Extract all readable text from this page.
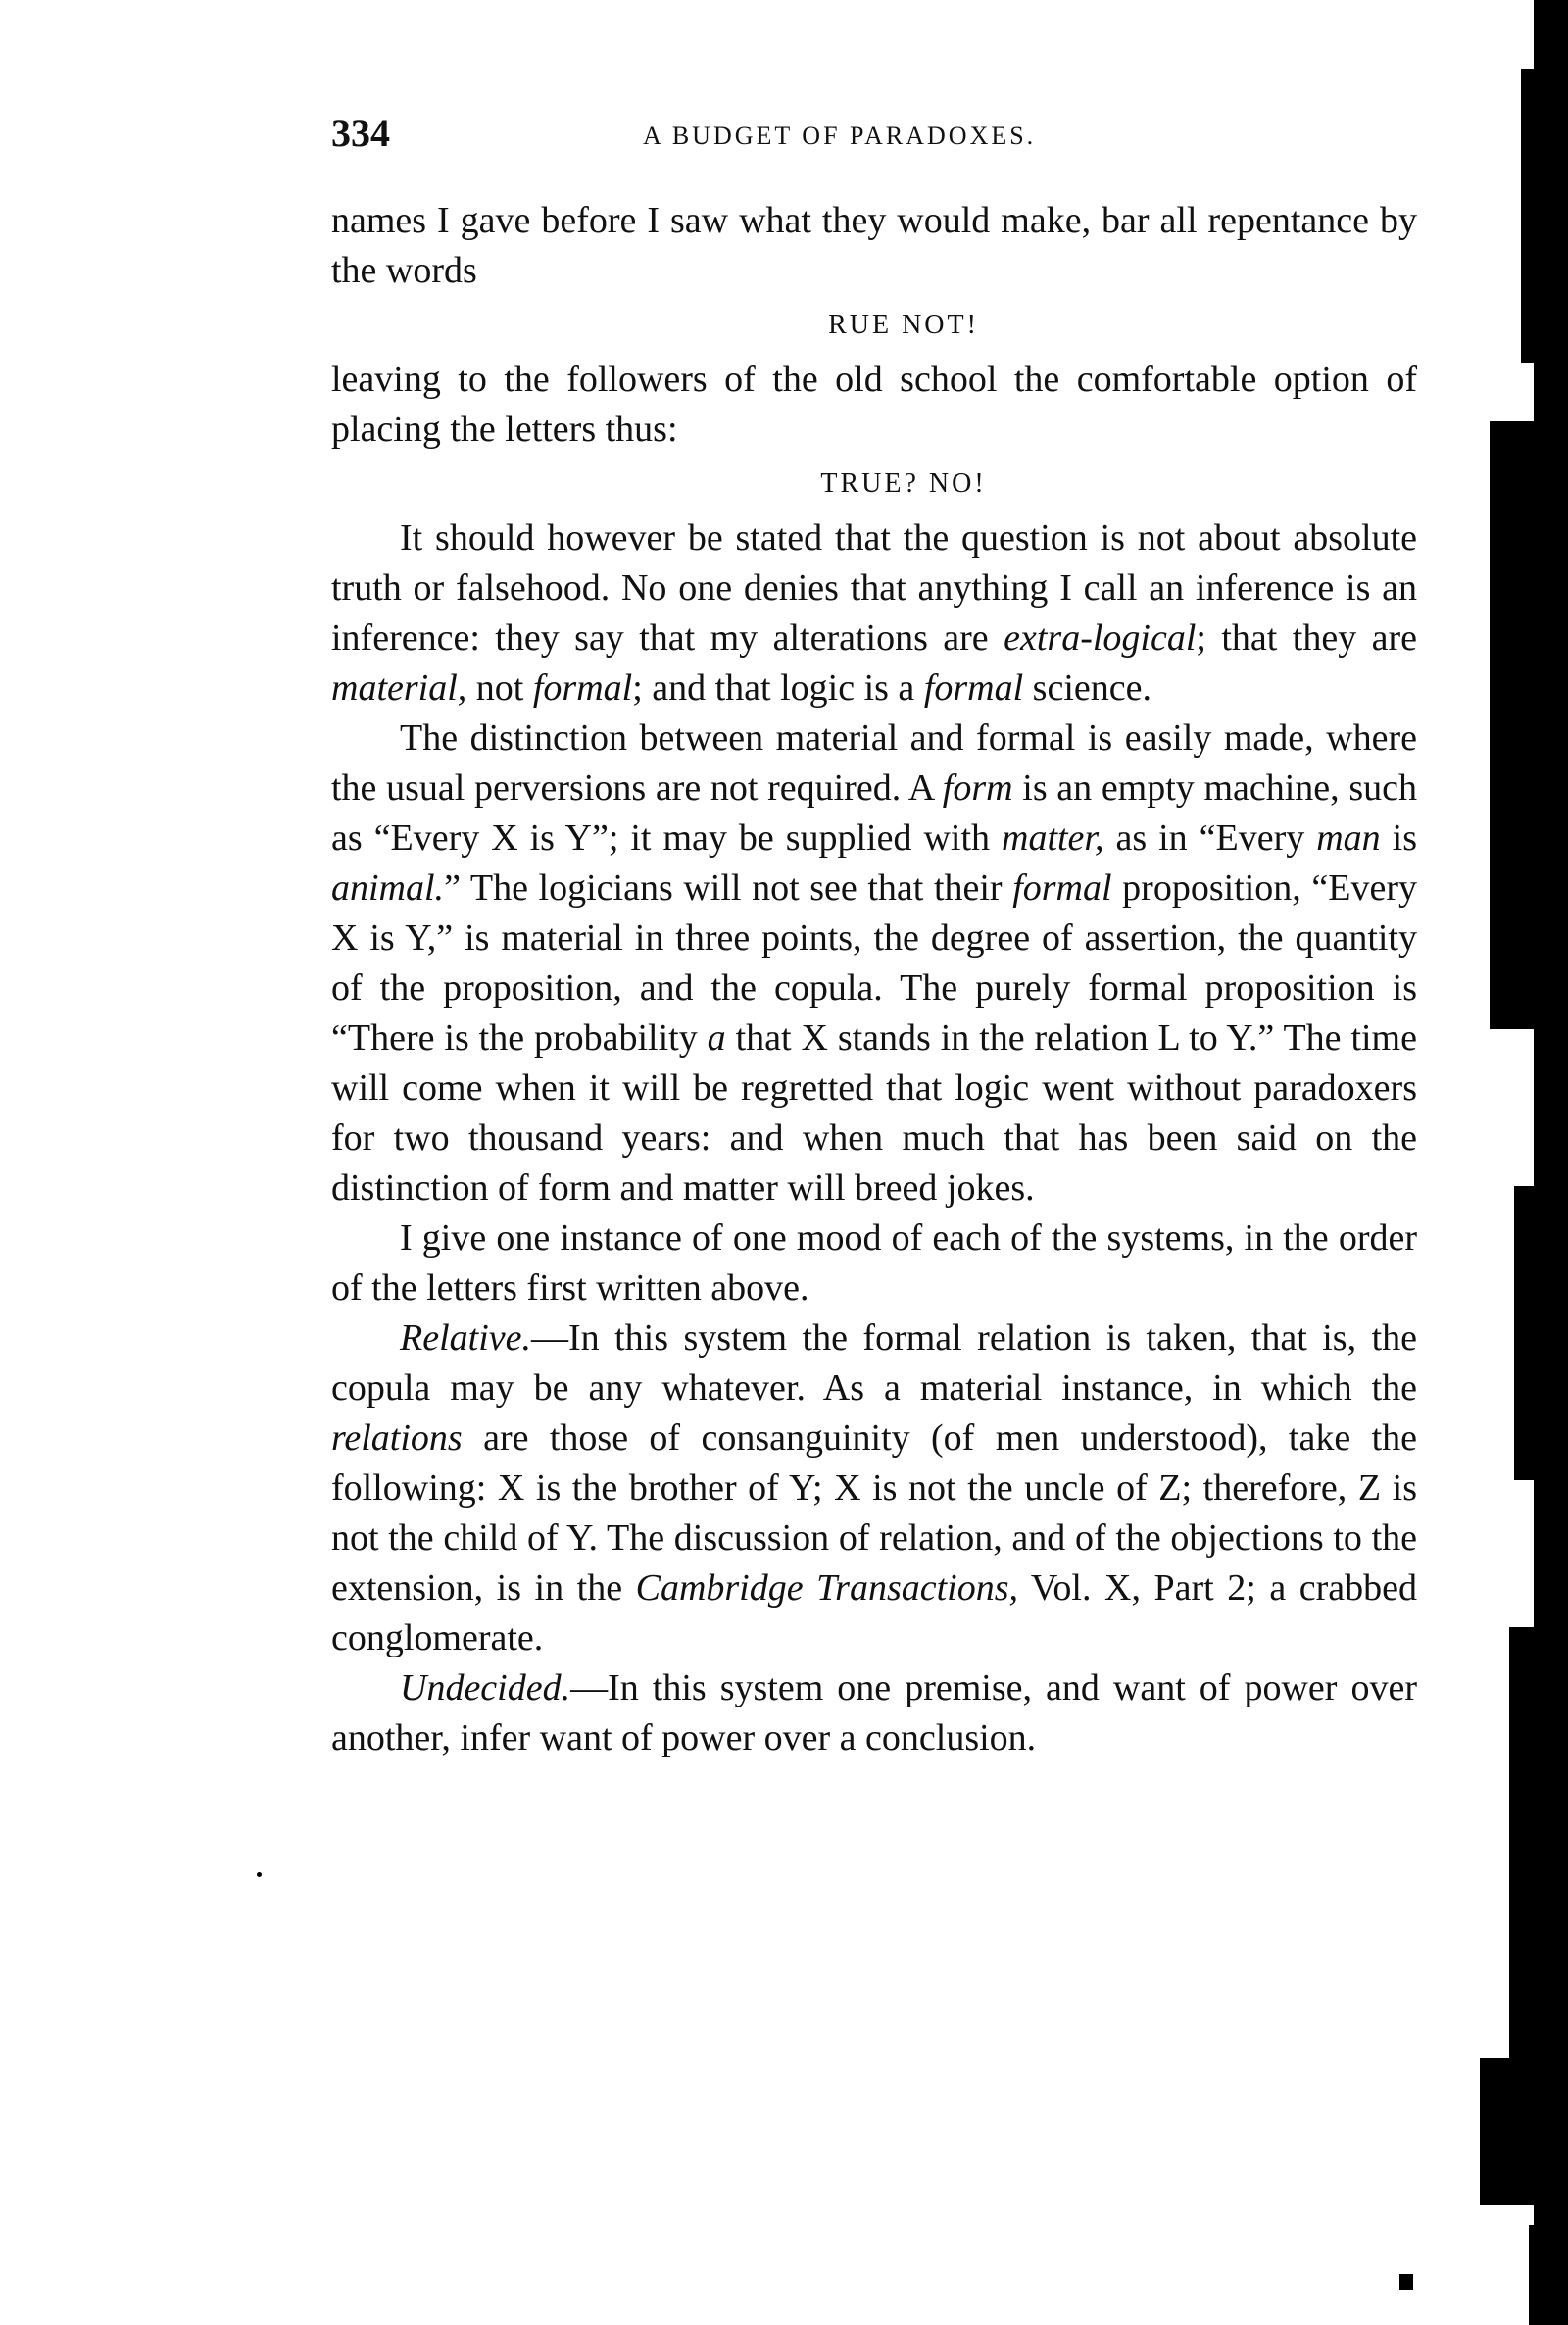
334	A BUDGET OF PARADOXES.

names I gave before I saw what they would make, bar all repentance by the words

RUE NOT!

leaving to the followers of the old school the comfortable option of placing the letters thus:

TRUE? NO!

It should however be stated that the question is not about absolute truth or falsehood. No one denies that anything I call an inference is an inference: they say that my alterations are extra-logical; that they are material, not formal; and that logic is a formal science.

The distinction between material and formal is easily made, where the usual perversions are not required. A form is an empty machine, such as “Every X is Y”; it may be supplied with matter, as in “Every man is animal.” The logicians will not see that their formal proposition, “Every X is Y,” is material in three points, the degree of assertion, the quantity of the proposition, and the copula. The purely formal proposition is “There is the probability a that X stands in the relation L to Y.” The time will come when it will be regretted that logic went without paradoxers for two thousand years: and when much that has been said on the distinction of form and matter will breed jokes.

I give one instance of one mood of each of the systems, in the order of the letters first written above.

Relative.—In this system the formal relation is taken, that is, the copula may be any whatever. As a material instance, in which the relations are those of consanguinity (of men understood), take the following: X is the brother of Y; X is not the uncle of Z; therefore, Z is not the child of Y. The discussion of relation, and of the objections to the extension, is in the Cambridge Transactions, Vol. X, Part 2; a crabbed conglomerate.

Undecided.—In this system one premise, and want of power over another, infer want of power over a conclusion.
